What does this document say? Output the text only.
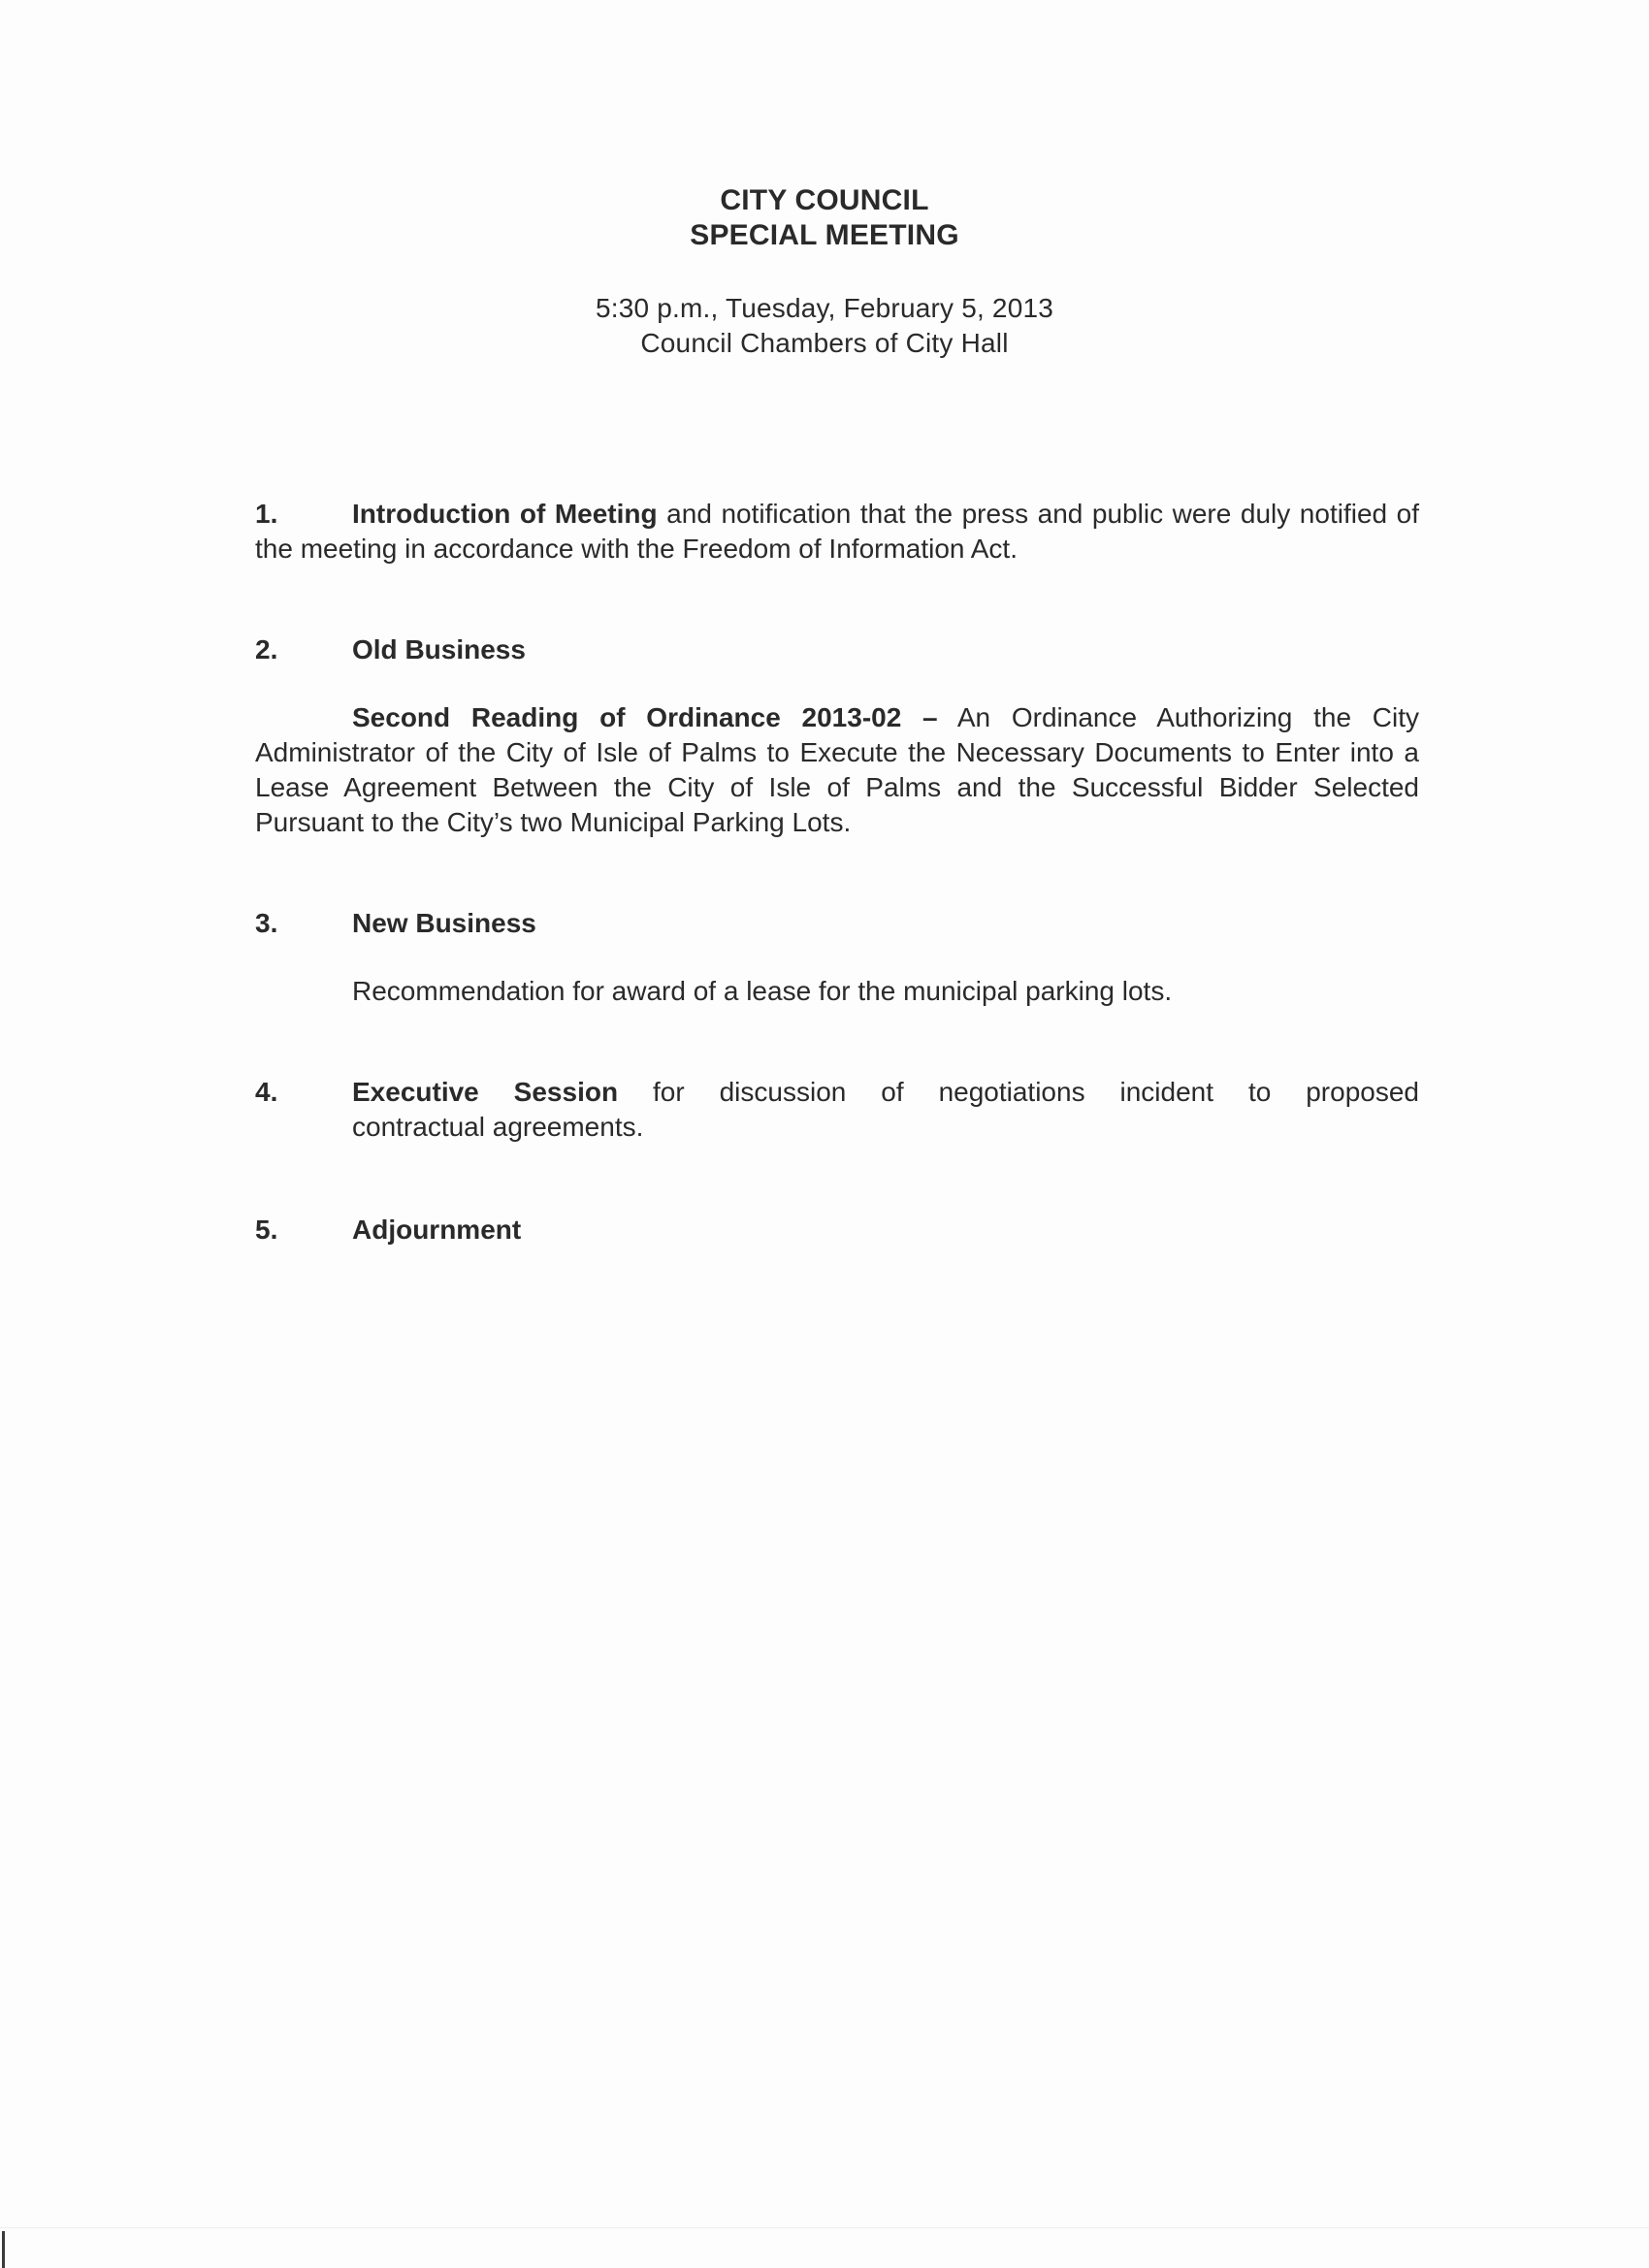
CITY COUNCIL
SPECIAL MEETING
5:30 p.m., Tuesday, February 5, 2013
Council Chambers of City Hall
1.	Introduction of Meeting and notification that the press and public were duly notified of the meeting in accordance with the Freedom of Information Act.
2.	Old Business
Second Reading of Ordinance 2013-02 – An Ordinance Authorizing the City Administrator of the City of Isle of Palms to Execute the Necessary Documents to Enter into a Lease Agreement Between the City of Isle of Palms and the Successful Bidder Selected Pursuant to the City’s two Municipal Parking Lots.
3.	New Business
Recommendation for award of a lease for the municipal parking lots.
4.	Executive Session for discussion of negotiations incident to proposed
contractual agreements.
5.	Adjournment
